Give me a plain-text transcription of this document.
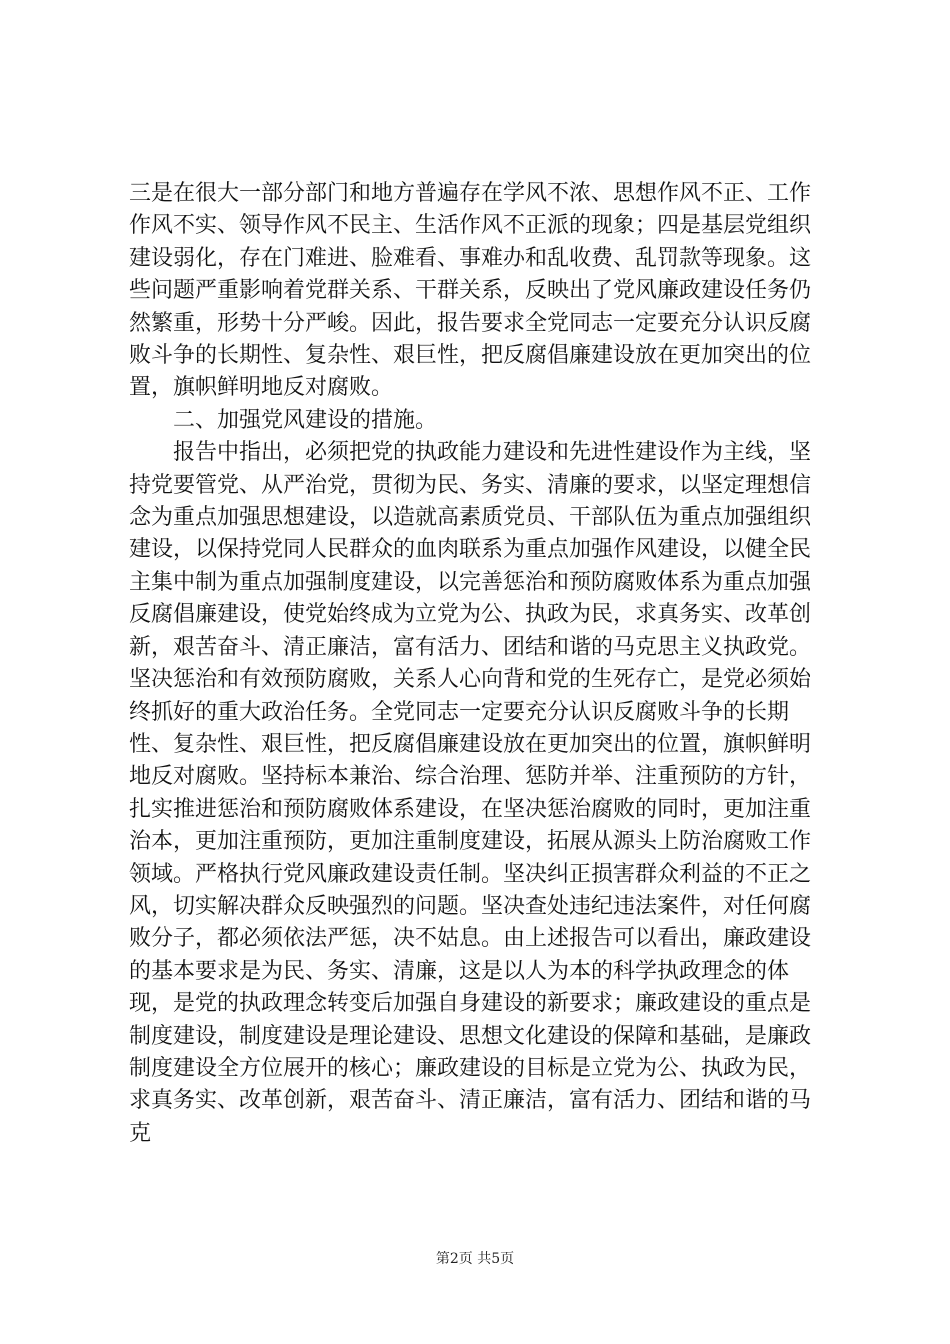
三是在很大一部分部门和地方普遍存在学风不浓、思想作风不正、工作作风不实、领导作风不民主、生活作风不正派的现象；四是基层党组织建设弱化，存在门难进、脸难看、事难办和乱收费、乱罚款等现象。这些问题严重影响着党群关系、干群关系，反映出了党风廉政建设任务仍然繁重，形势十分严峻。因此，报告要求全党同志一定要充分认识反腐败斗争的长期性、复杂性、艰巨性，把反腐倡廉建设放在更加突出的位置，旗帜鲜明地反对腐败。

二、加强党风建设的措施。

报告中指出，必须把党的执政能力建设和先进性建设作为主线，坚持党要管党、从严治党，贯彻为民、务实、清廉的要求，以坚定理想信念为重点加强思想建设，以造就高素质党员、干部队伍为重点加强组织建设，以保持党同人民群众的血肉联系为重点加强作风建设，以健全民主集中制为重点加强制度建设，以完善惩治和预防腐败体系为重点加强反腐倡廉建设，使党始终成为立党为公、执政为民，求真务实、改革创新，艰苦奋斗、清正廉洁，富有活力、团结和谐的马克思主义执政党。

坚决惩治和有效预防腐败，关系人心向背和党的生死存亡，是党必须始终抓好的重大政治任务。全党同志一定要充分认识反腐败斗争的长期性、复杂性、艰巨性，把反腐倡廉建设放在更加突出的位置，旗帜鲜明地反对腐败。坚持标本兼治、综合治理、惩防并举、注重预防的方针，扎实推进惩治和预防腐败体系建设，在坚决惩治腐败的同时，更加注重治本，更加注重预防，更加注重制度建设，拓展从源头上防治腐败工作领域。严格执行党风廉政建设责任制。坚决纠正损害群众利益的不正之风，切实解决群众反映强烈的问题。坚决查处违纪违法案件，对任何腐败分子，都必须依法严惩，决不姑息。由上述报告可以看出，廉政建设的基本要求是为民、务实、清廉，这是以人为本的科学执政理念的体现，是党的执政理念转变后加强自身建设的新要求；廉政建设的重点是制度建设，制度建设是理论建设、思想文化建设的保障和基础，是廉政制度建设全方位展开的核心；廉政建设的目标是立党为公、执政为民，求真务实、改革创新，艰苦奋斗、清正廉洁，富有活力、团结和谐的马克

第2页 共5页
